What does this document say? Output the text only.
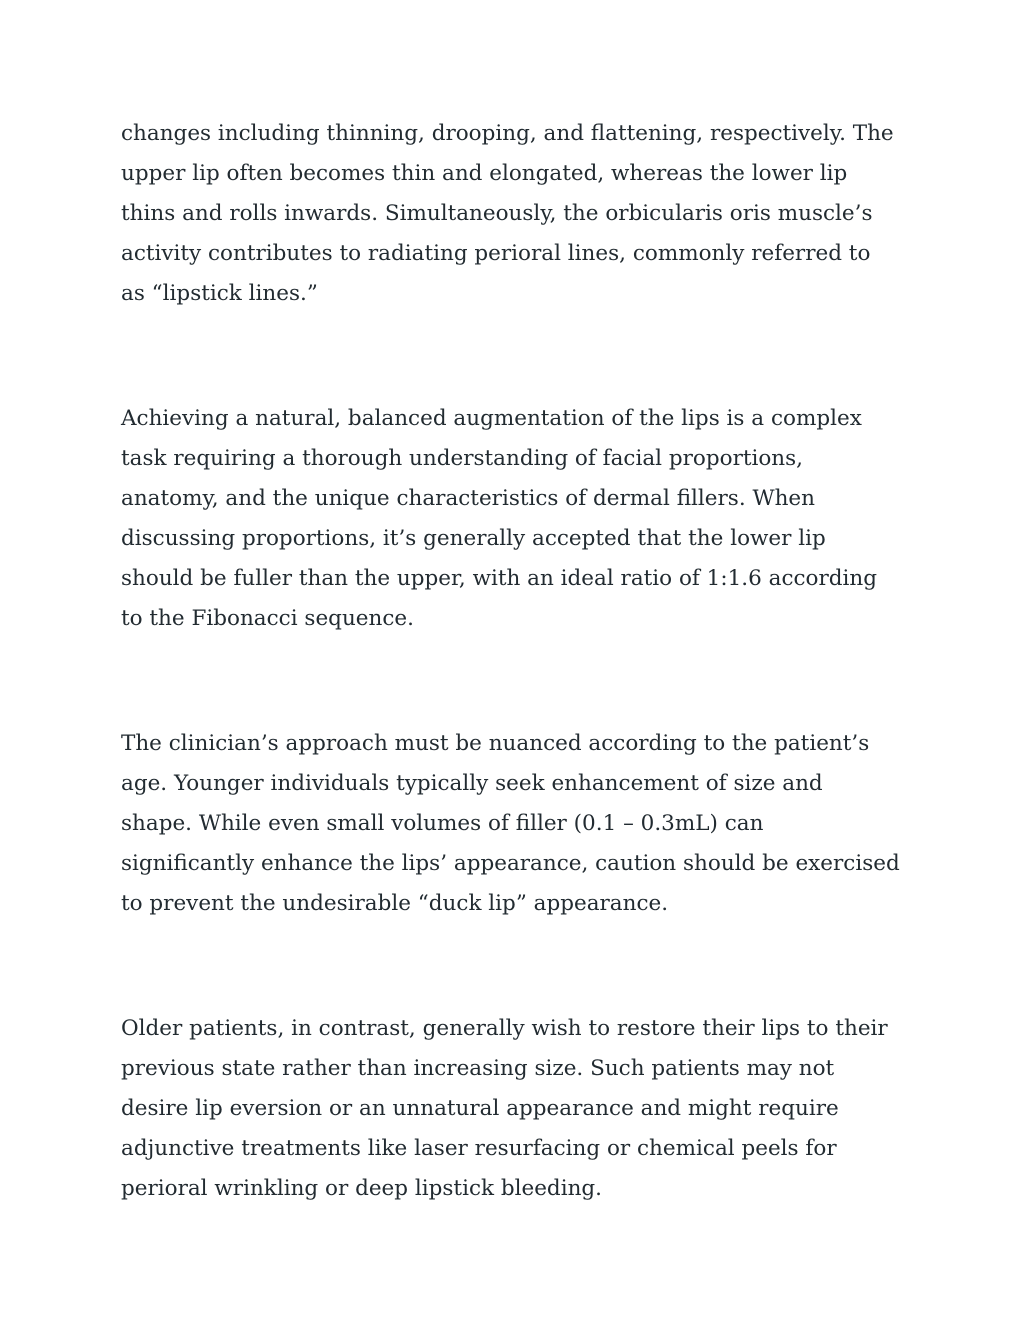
changes including thinning, drooping, and flattening, respectively. The
upper lip often becomes thin and elongated, whereas the lower lip
thins and rolls inwards. Simultaneously, the orbicularis oris muscle’s
activity contributes to radiating perioral lines, commonly referred to
as “lipstick lines.”

Achieving a natural, balanced augmentation of the lips is a complex
task requiring a thorough understanding of facial proportions,
anatomy, and the unique characteristics of dermal fillers. When
discussing proportions, it’s generally accepted that the lower lip
should be fuller than the upper, with an ideal ratio of 1:1.6 according
to the Fibonacci sequence.

The clinician’s approach must be nuanced according to the patient’s
age. Younger individuals typically seek enhancement of size and
shape. While even small volumes of filler (0.1 – 0.3mL) can
significantly enhance the lips’ appearance, caution should be exercised
to prevent the undesirable “duck lip” appearance.

Older patients, in contrast, generally wish to restore their lips to their
previous state rather than increasing size. Such patients may not
desire lip eversion or an unnatural appearance and might require
adjunctive treatments like laser resurfacing or chemical peels for
perioral wrinkling or deep lipstick bleeding.
